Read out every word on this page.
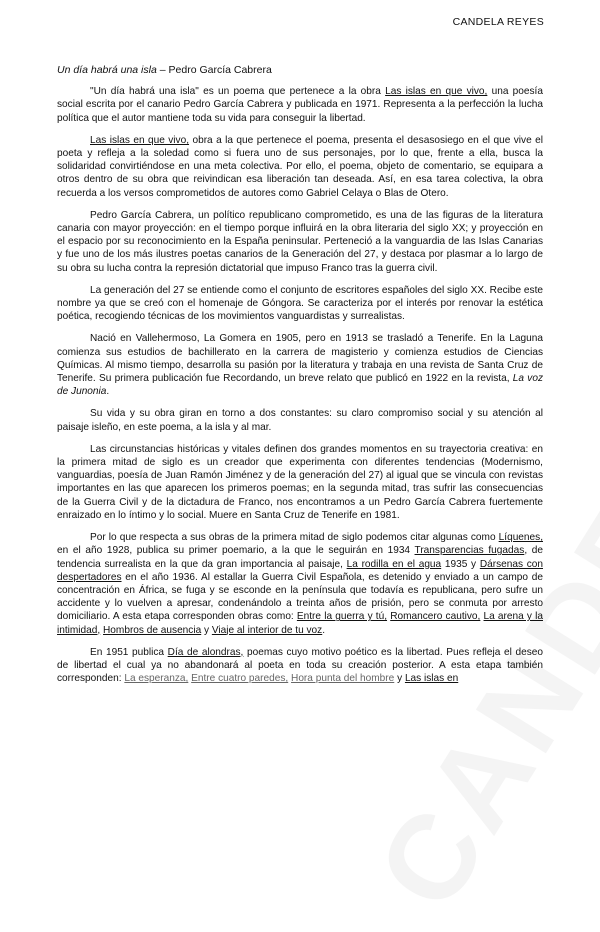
CANDELA REYES
Un día habrá una isla – Pedro García Cabrera

"Un día habrá una isla" es un poema que pertenece a la obra Las islas en que vivo, una poesía social escrita por el canario Pedro García Cabrera y publicada en 1971. Representa a la perfección la lucha política que el autor mantiene toda su vida para conseguir la libertad.

Las islas en que vivo, obra a la que pertenece el poema, presenta el desasosiego en el que vive el poeta y refleja a la soledad como si fuera uno de sus personajes, por lo que, frente a ella, busca la solidaridad convirtiéndose en una meta colectiva. Por ello, el poema, objeto de comentario, se equipara a otros dentro de su obra que reivindican esa liberación tan deseada. Así, en esa tarea colectiva, la obra recuerda a los versos comprometidos de autores como Gabriel Celaya o Blas de Otero.

Pedro García Cabrera, un político republicano comprometido, es una de las figuras de la literatura canaria con mayor proyección: en el tiempo porque influirá en la obra literaria del siglo XX; y proyección en el espacio por su reconocimiento en la España peninsular. Perteneció a la vanguardia de las Islas Canarias y fue uno de los más ilustres poetas canarios de la Generación del 27, y destaca por plasmar a lo largo de su obra su lucha contra la represión dictatorial que impuso Franco tras la guerra civil.

La generación del 27 se entiende como el conjunto de escritores españoles del siglo XX. Recibe este nombre ya que se creó con el homenaje de Góngora. Se caracteriza por el interés por renovar la estética poética, recogiendo técnicas de los movimientos vanguardistas y surrealistas.

Nació en Vallehermoso, La Gomera en 1905, pero en 1913 se trasladó a Tenerife. En la Laguna comienza sus estudios de bachillerato en la carrera de magisterio y comienza estudios de Ciencias Químicas. Al mismo tiempo, desarrolla su pasión por la literatura y trabaja en una revista de Santa Cruz de Tenerife. Su primera publicación fue Recordando, un breve relato que publicó en 1922 en la revista, La voz de Junonia.

Su vida y su obra giran en torno a dos constantes: su claro compromiso social y su atención al paisaje isleño, en este poema, a la isla y al mar.

Las circunstancias históricas y vitales definen dos grandes momentos en su trayectoria creativa: en la primera mitad de siglo es un creador que experimenta con diferentes tendencias (Modernismo, vanguardias, poesía de Juan Ramón Jiménez y de la generación del 27) al igual que se vincula con revistas importantes en las que aparecen los primeros poemas; en la segunda mitad, tras sufrir las consecuencias de la Guerra Civil y de la dictadura de Franco, nos encontramos a un Pedro García Cabrera fuertemente enraizado en lo íntimo y lo social. Muere en Santa Cruz de Tenerife en 1981.

Por lo que respecta a sus obras de la primera mitad de siglo podemos citar algunas como Líquenes, en el año 1928, publica su primer poemario, a la que le seguirán en 1934 Transparencias fugadas, de tendencia surrealista en la que da gran importancia al paisaje, La rodilla en el agua 1935 y Dársenas con despertadores en el año 1936. Al estallar la Guerra Civil Española, es detenido y enviado a un campo de concentración en África, se fuga y se esconde en la península que todavía es republicana, pero sufre un accidente y lo vuelven a apresar, condenándolo a treinta años de prisión, pero se conmuta por arresto domiciliario. A esta etapa corresponden obras como: Entre la guerra y tú, Romancero cautivo, La arena y la intimidad, Hombros de ausencia y Viaje al interior de tu voz.

En 1951 publica Día de alondras, poemas cuyo motivo poético es la libertad. Pues refleja el deseo de libertad el cual ya no abandonará al poeta en toda su creación posterior. A esta etapa también corresponden: La esperanza, Entre cuatro paredes, Hora punta del hombre y Las islas en
